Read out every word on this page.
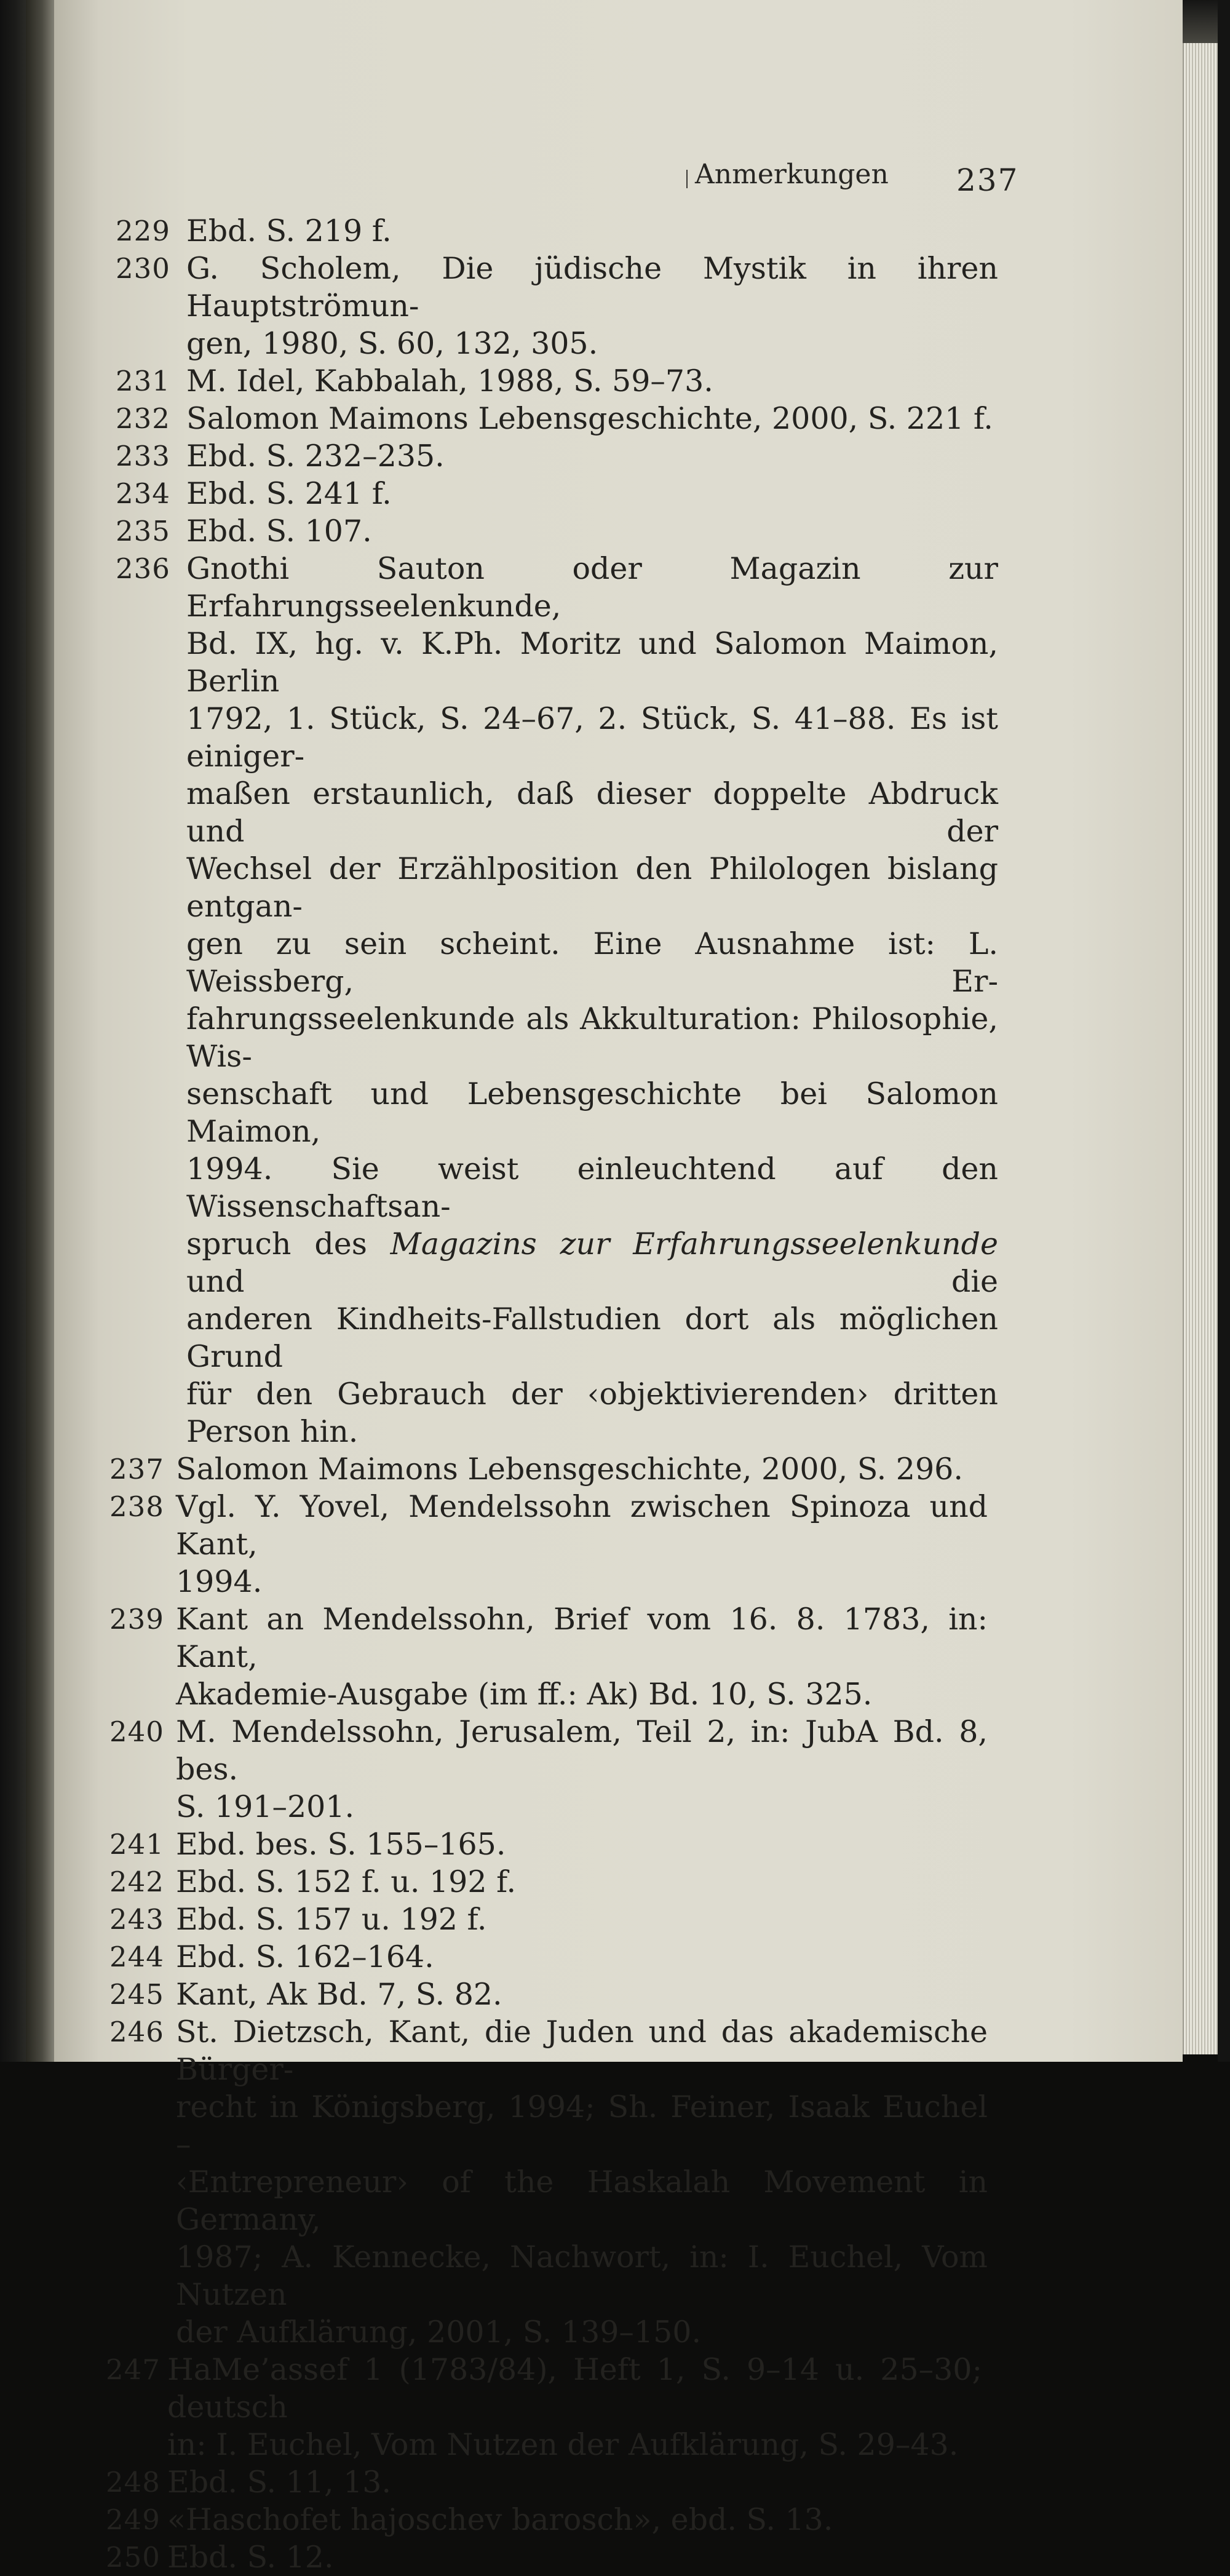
Anmerkungen	237
229 Ebd. S. 219 f.
230 G. Scholem, Die jüdische Mystik in ihren Hauptströmun-
gen, 1980, S. 60, 132, 305.
231 M. Idel, Kabbalah, 1988, S. 59–73.
232 Salomon Maimons Lebensgeschichte, 2000, S. 221 f.
233 Ebd. S. 232–235.
234 Ebd. S. 241 f.
235 Ebd. S. 107.
236 Gnothi Sauton oder Magazin zur Erfahrungsseelenkunde,
Bd. IX, hg. v. K.Ph. Moritz und Salomon Maimon, Berlin
1792, 1. Stück, S. 24–67, 2. Stück, S. 41–88. Es ist einiger-
maßen erstaunlich, daß dieser doppelte Abdruck und der
Wechsel der Erzählposition den Philologen bislang entgan-
gen zu sein scheint. Eine Ausnahme ist: L. Weissberg, Er-
fahrungsseelenkunde als Akkulturation: Philosophie, Wis-
senschaft und Lebensgeschichte bei Salomon Maimon,
1994. Sie weist einleuchtend auf den Wissenschaftsan-
spruch des Magazins zur Erfahrungsseelenkunde und die
anderen Kindheits-Fallstudien dort als möglichen Grund
für den Gebrauch der ‹objektivierenden› dritten Person hin.
237 Salomon Maimons Lebensgeschichte, 2000, S. 296.
238 Vgl. Y. Yovel, Mendelssohn zwischen Spinoza und Kant,
1994.
239 Kant an Mendelssohn, Brief vom 16. 8. 1783, in: Kant,
Akademie-Ausgabe (im ff.: Ak) Bd. 10, S. 325.
240 M. Mendelssohn, Jerusalem, Teil 2, in: JubA Bd. 8, bes.
S. 191–201.
241 Ebd. bes. S. 155–165.
242 Ebd. S. 152 f. u. 192 f.
243 Ebd. S. 157 u. 192 f.
244 Ebd. S. 162–164.
245 Kant, Ak Bd. 7, S. 82.
246 St. Dietzsch, Kant, die Juden und das akademische Bürger-
recht in Königsberg, 1994; Sh. Feiner, Isaak Euchel –
‹Entrepreneur› of the Haskalah Movement in Germany,
1987; A. Kennecke, Nachwort, in: I. Euchel, Vom Nutzen
der Aufklärung, 2001, S. 139–150.
247 HaMe’assef 1 (1783/84), Heft 1, S. 9–14 u. 25–30; deutsch
in: I. Euchel, Vom Nutzen der Aufklärung, S. 29–43.
248 Ebd. S. 11, 13.
249 «Haschofet hajoschev barosch», ebd. S. 13.
250 Ebd. S. 12.
